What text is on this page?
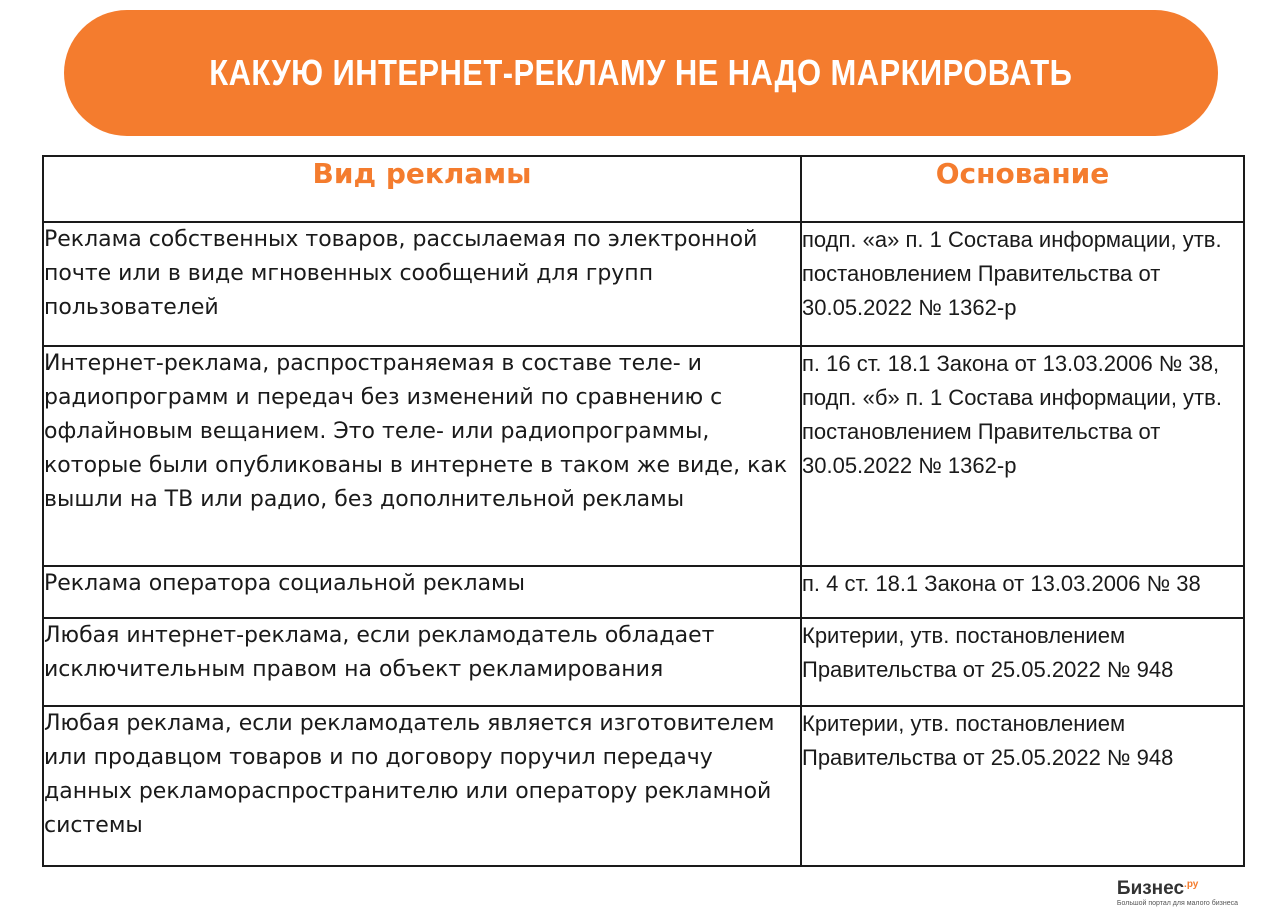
КАКУЮ ИНТЕРНЕТ-РЕКЛАМУ НЕ НАДО МАРКИРОВАТЬ
Вид рекламы	Основание
Реклама собственных товаров, рассылаемая по электронной почте или в виде мгновенных сообщений для групп пользователей	подп. «а» п. 1 Состава информации, утв. постановлением Правительства от 30.05.2022 № 1362-р
Интернет-реклама, распространяемая в составе теле- и радиопрограмм и передач без изменений по сравнению с офлайновым вещанием. Это теле- или радиопрограммы, которые были опубликованы в интернете в таком же виде, как вышли на ТВ или радио, без дополнительной рекламы	п. 16 ст. 18.1 Закона от 13.03.2006 № 38, подп. «б» п. 1 Состава информации, утв. постановлением Правительства от 30.05.2022 № 1362-р
Реклама оператора социальной рекламы	п. 4 ст. 18.1 Закона от 13.03.2006 № 38
Любая интернет-реклама, если рекламодатель обладает исключительным правом на объект рекламирования	Критерии, утв. постановлением Правительства от 25.05.2022 № 948
Любая реклама, если рекламодатель является изготовителем или продавцом товаров и по договору поручил передачу данных рекламораспространителю или оператору рекламной системы	Критерии, утв. постановлением Правительства от 25.05.2022 № 948
Бизнес$^{.ру}$
Большой портал для малого бизнеса
